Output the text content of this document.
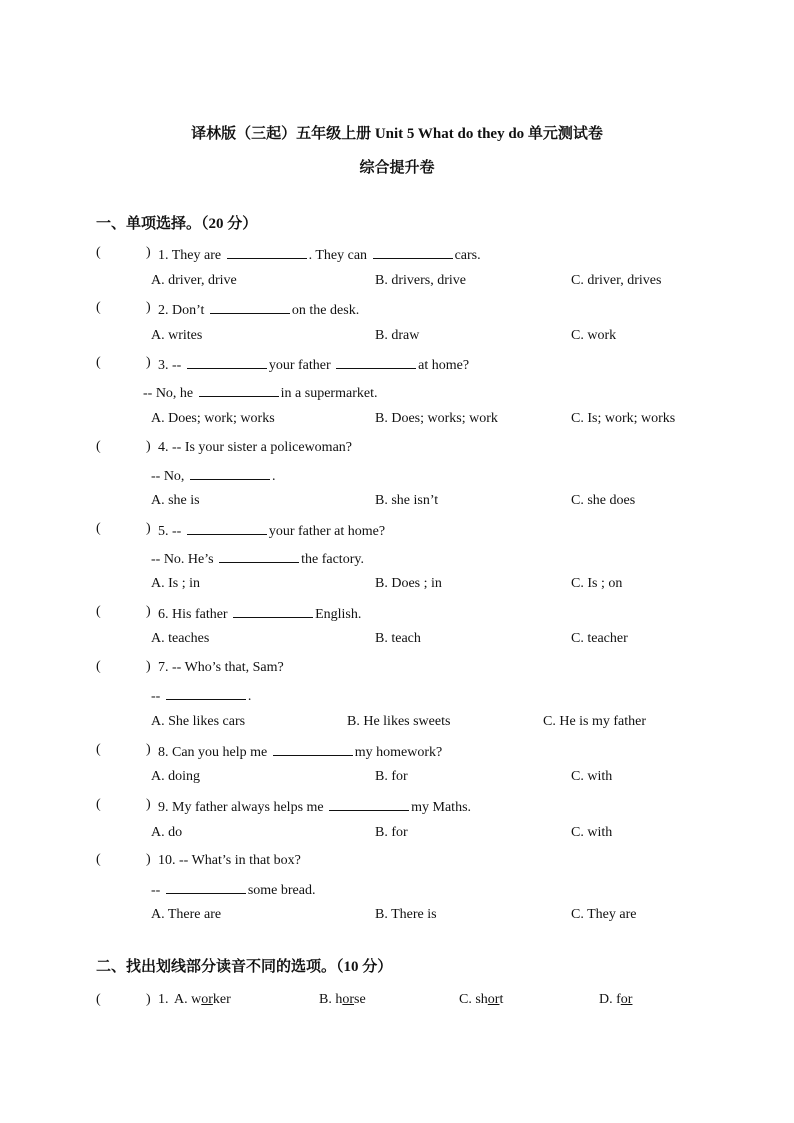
译林版（三起）五年级上册 Unit 5 What do they do 单元测试卷
综合提升卷
一、单项选择。（20 分）
(	) 1. They are	. They can	cars.
A. driver, drive	B. drivers, drive	C. driver, drives
(	) 2. Don’t	on the desk.
A. writes	B. draw	C. work
(	) 3. --	your father	at home?
-- No, he	in a supermarket.
A. Does; work; works	B. Does; works; work	C. Is; work; works
(	) 4. -- Is your sister a policewoman?
-- No,	.
A. she is	B. she isn’t	C. she does
(	) 5. --	your father at home?
-- No. He’s	the factory.
A. Is ; in	B. Does ; in	C. Is ; on
(	) 6. His father	English.
A. teaches	B. teach	C. teacher
(	) 7. -- Who’s that, Sam?
--	.
A. She likes cars	B. He likes sweets	C. He is my father
(	) 8. Can you help me	my homework?
A. doing	B. for	C. with
(	) 9. My father always helps me	my Maths.
A. do	B. for	C. with
(	) 10. -- What’s in that box?
--	some bread.
A. There are	B. There is	C. They are
二、找出划线部分读音不同的选项。（10 分）
(	) 1. A. worker	B. horse	C. short	D. for
